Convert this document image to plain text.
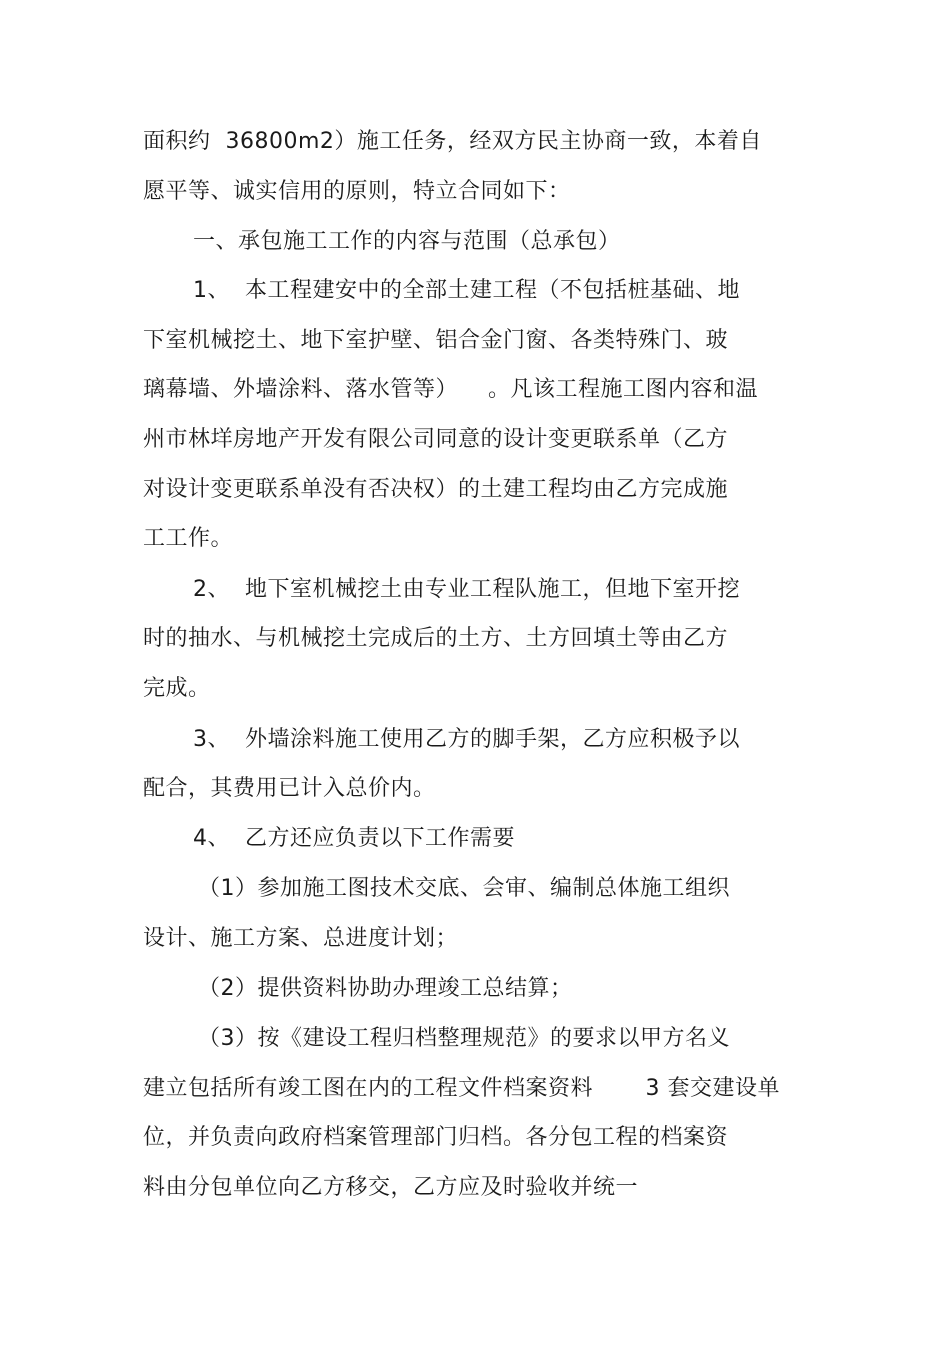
面积约  36800m2）施工任务，经双方民主协商一致，本着自
愿平等、诚实信用的原则，特立合同如下：
一、承包施工工作的内容与范围（总承包）
1、  本工程建安中的全部土建工程（不包括桩基础、地
下室机械挖土、地下室护壁、铝合金门窗、各类特殊门、玻
璃幕墙、外墙涂料、落水管等）    。凡该工程施工图内容和温
州市林垟房地产开发有限公司同意的设计变更联系单（乙方
对设计变更联系单没有否决权）的土建工程均由乙方完成施
工工作。
2、  地下室机械挖土由专业工程队施工，但地下室开挖
时的抽水、与机械挖土完成后的土方、土方回填土等由乙方
完成。
3、  外墙涂料施工使用乙方的脚手架，乙方应积极予以
配合，其费用已计入总价内。
4、  乙方还应负责以下工作需要
（1）参加施工图技术交底、会审、编制总体施工组织
设计、施工方案、总进度计划；
（2）提供资料协助办理竣工总结算；
（3）按《建设工程归档整理规范》的要求以甲方名义
建立包括所有竣工图在内的工程文件档案资料       3 套交建设单
位，并负责向政府档案管理部门归档。各分包工程的档案资
料由分包单位向乙方移交，乙方应及时验收并统一
